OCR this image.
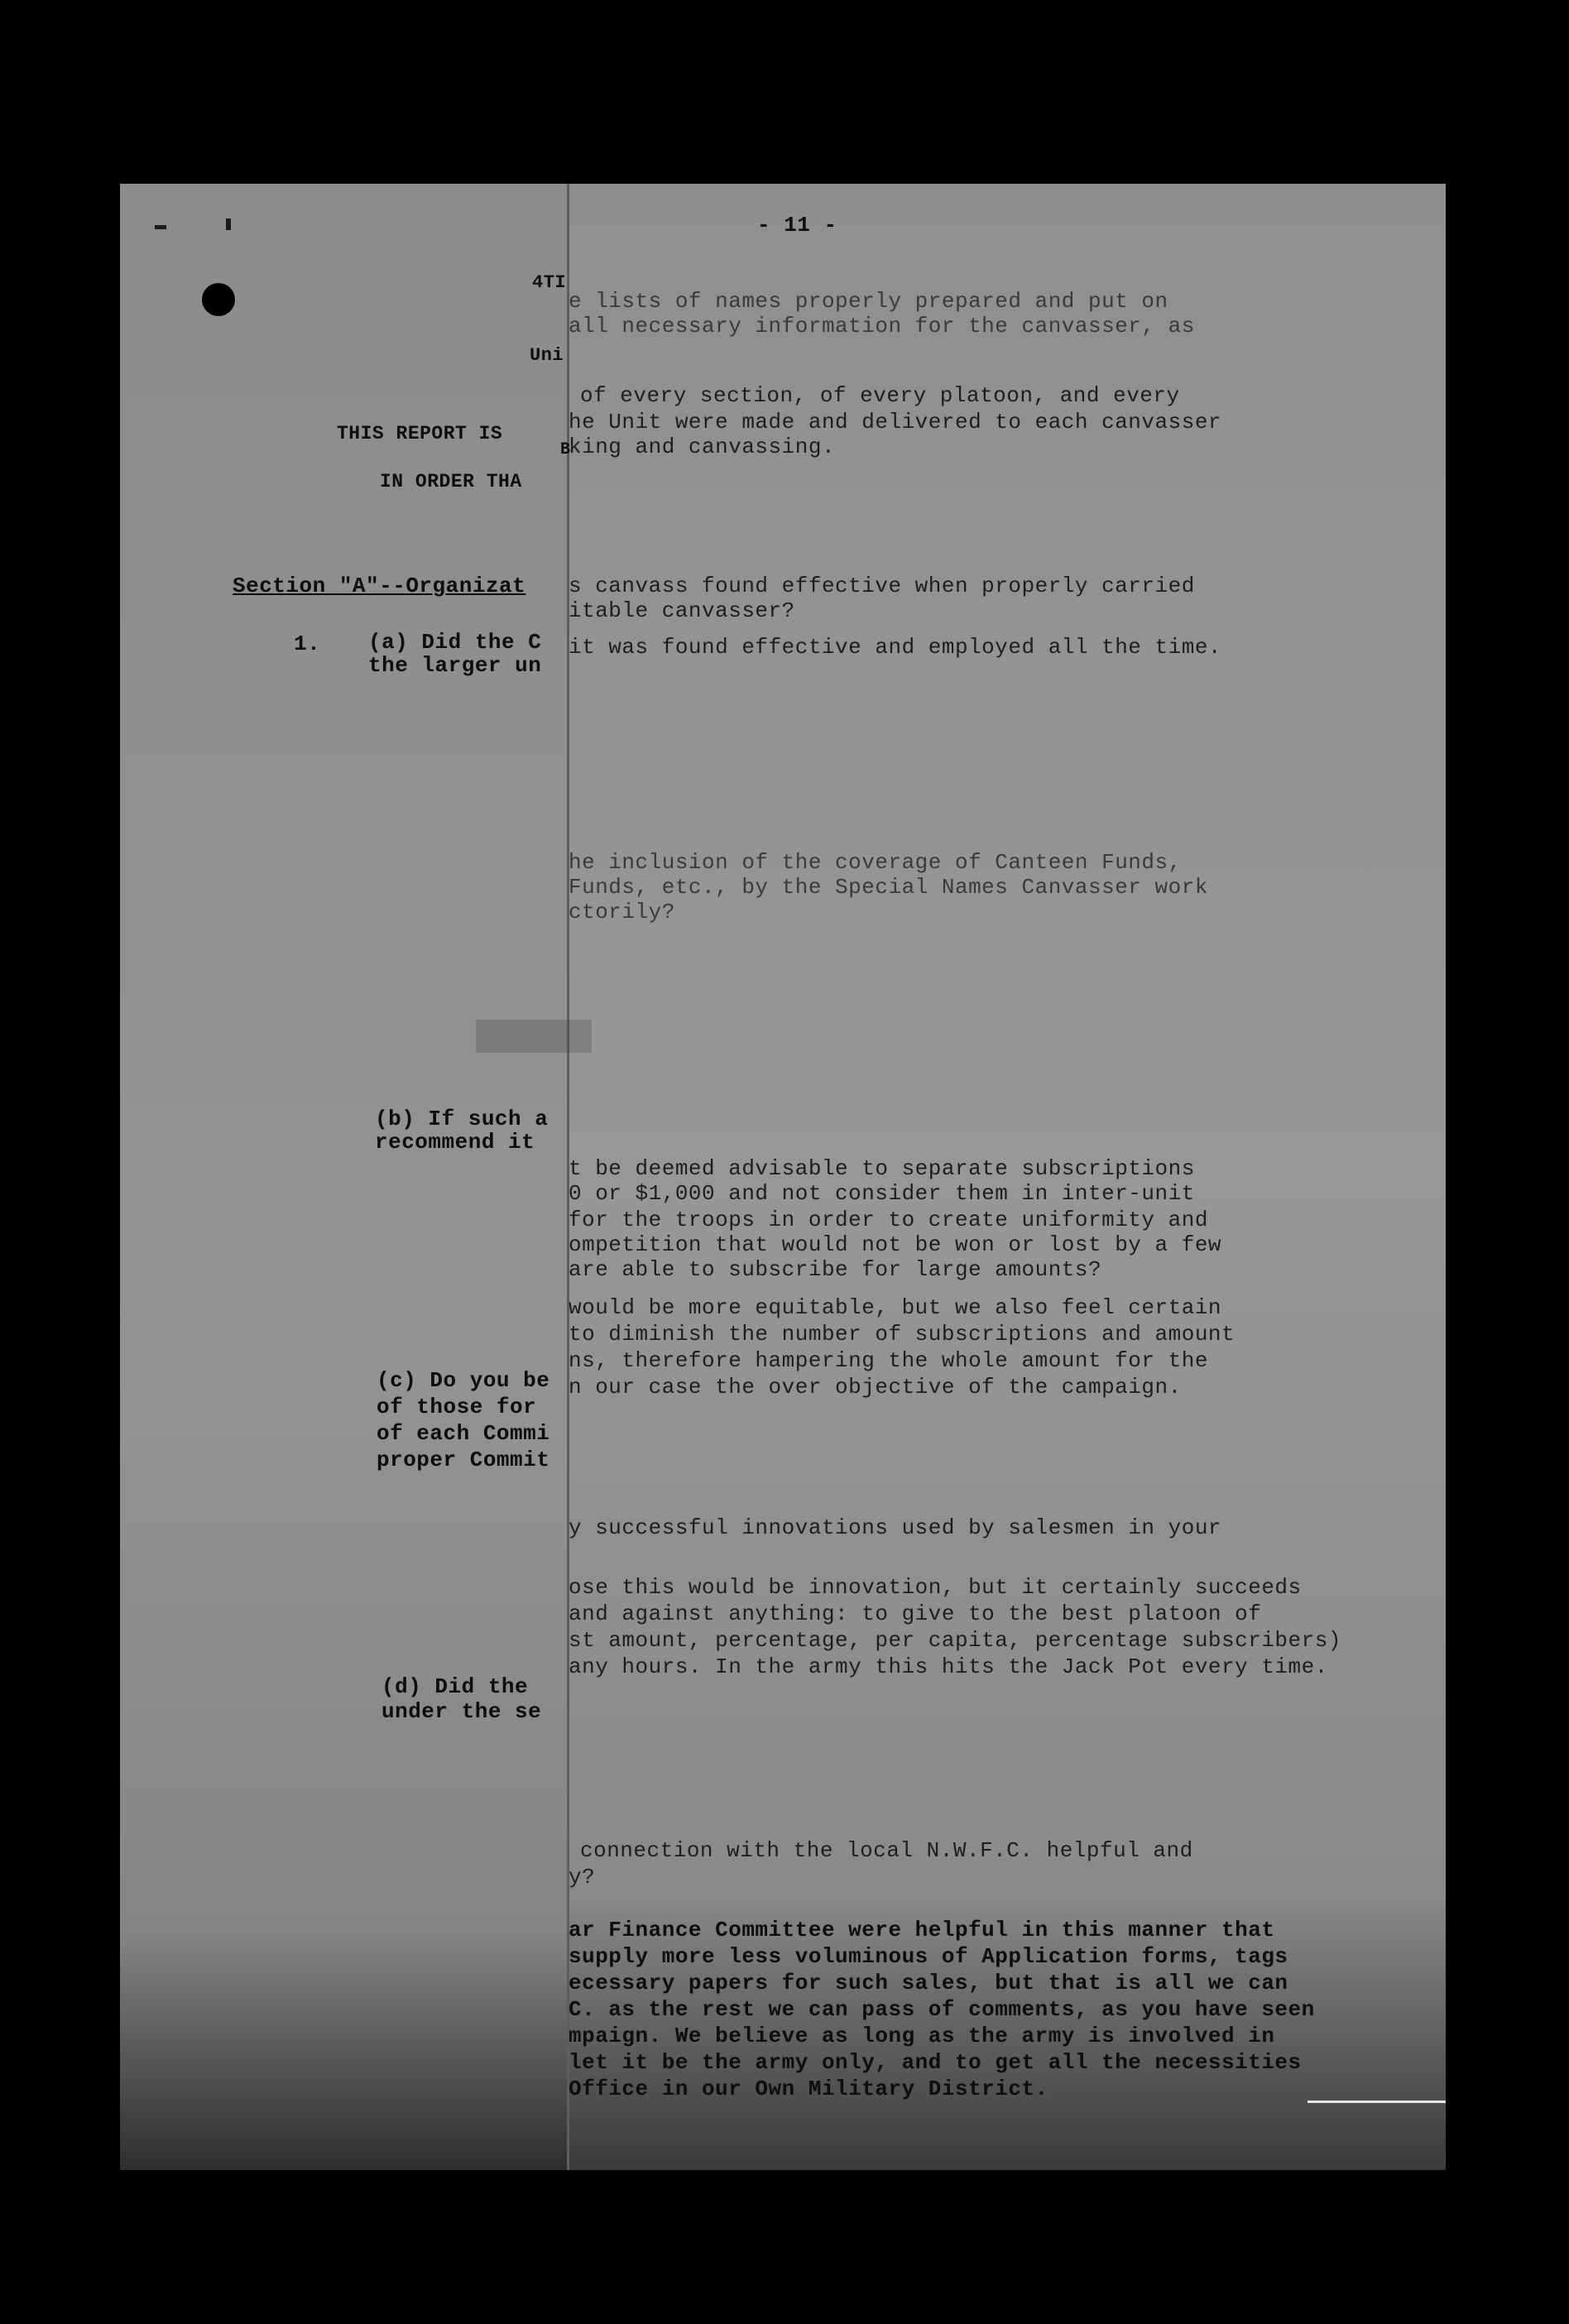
- 11 -
4TI
Uni
THIS REPORT IS
B
IN ORDER THA
Section "A"--Organizat
1. (a) Did the C
the larger un
(b) If such a
recommend it
(c) Do you be
of those for
of each Commi
proper Commit
(d) Did the
under the se
e lists of names properly prepared and put on
all necessary information for the canvasser, as
of every section, of every platoon, and every
he Unit were made and delivered to each canvasser
king and canvassing.
s canvass found effective when properly carried
itable canvasser?
it was found effective and employed all the time.
he inclusion of the coverage of Canteen Funds,
Funds, etc., by the Special Names Canvasser work
ctorily?
t be deemed advisable to separate subscriptions
0 or $1,000 and not consider them in inter-unit
for the troops in order to create uniformity and
ompetition that would not be won or lost by a few
are able to subscribe for large amounts?
would be more equitable, but we also feel certain
to diminish the number of subscriptions and amount
ns, therefore hampering the whole amount for the
n our case the over objective of the campaign.
y successful innovations used by salesmen in your
ose this would be innovation, but it certainly succeeds
and against anything: to give to the best platoon of
st amount, percentage, per capita, percentage subscribers)
any hours. In the army this hits the Jack Pot every time.
connection with the local N.W.F.C. helpful and
y?
ar Finance Committee were helpful in this manner that
supply more less voluminous of Application forms, tags
ecessary papers for such sales, but that is all we can
C. as the rest we can pass of comments, as you have seen
mpaign. We believe as long as the army is involved in
let it be the army only, and to get all the necessities
Office in our Own Military District.
